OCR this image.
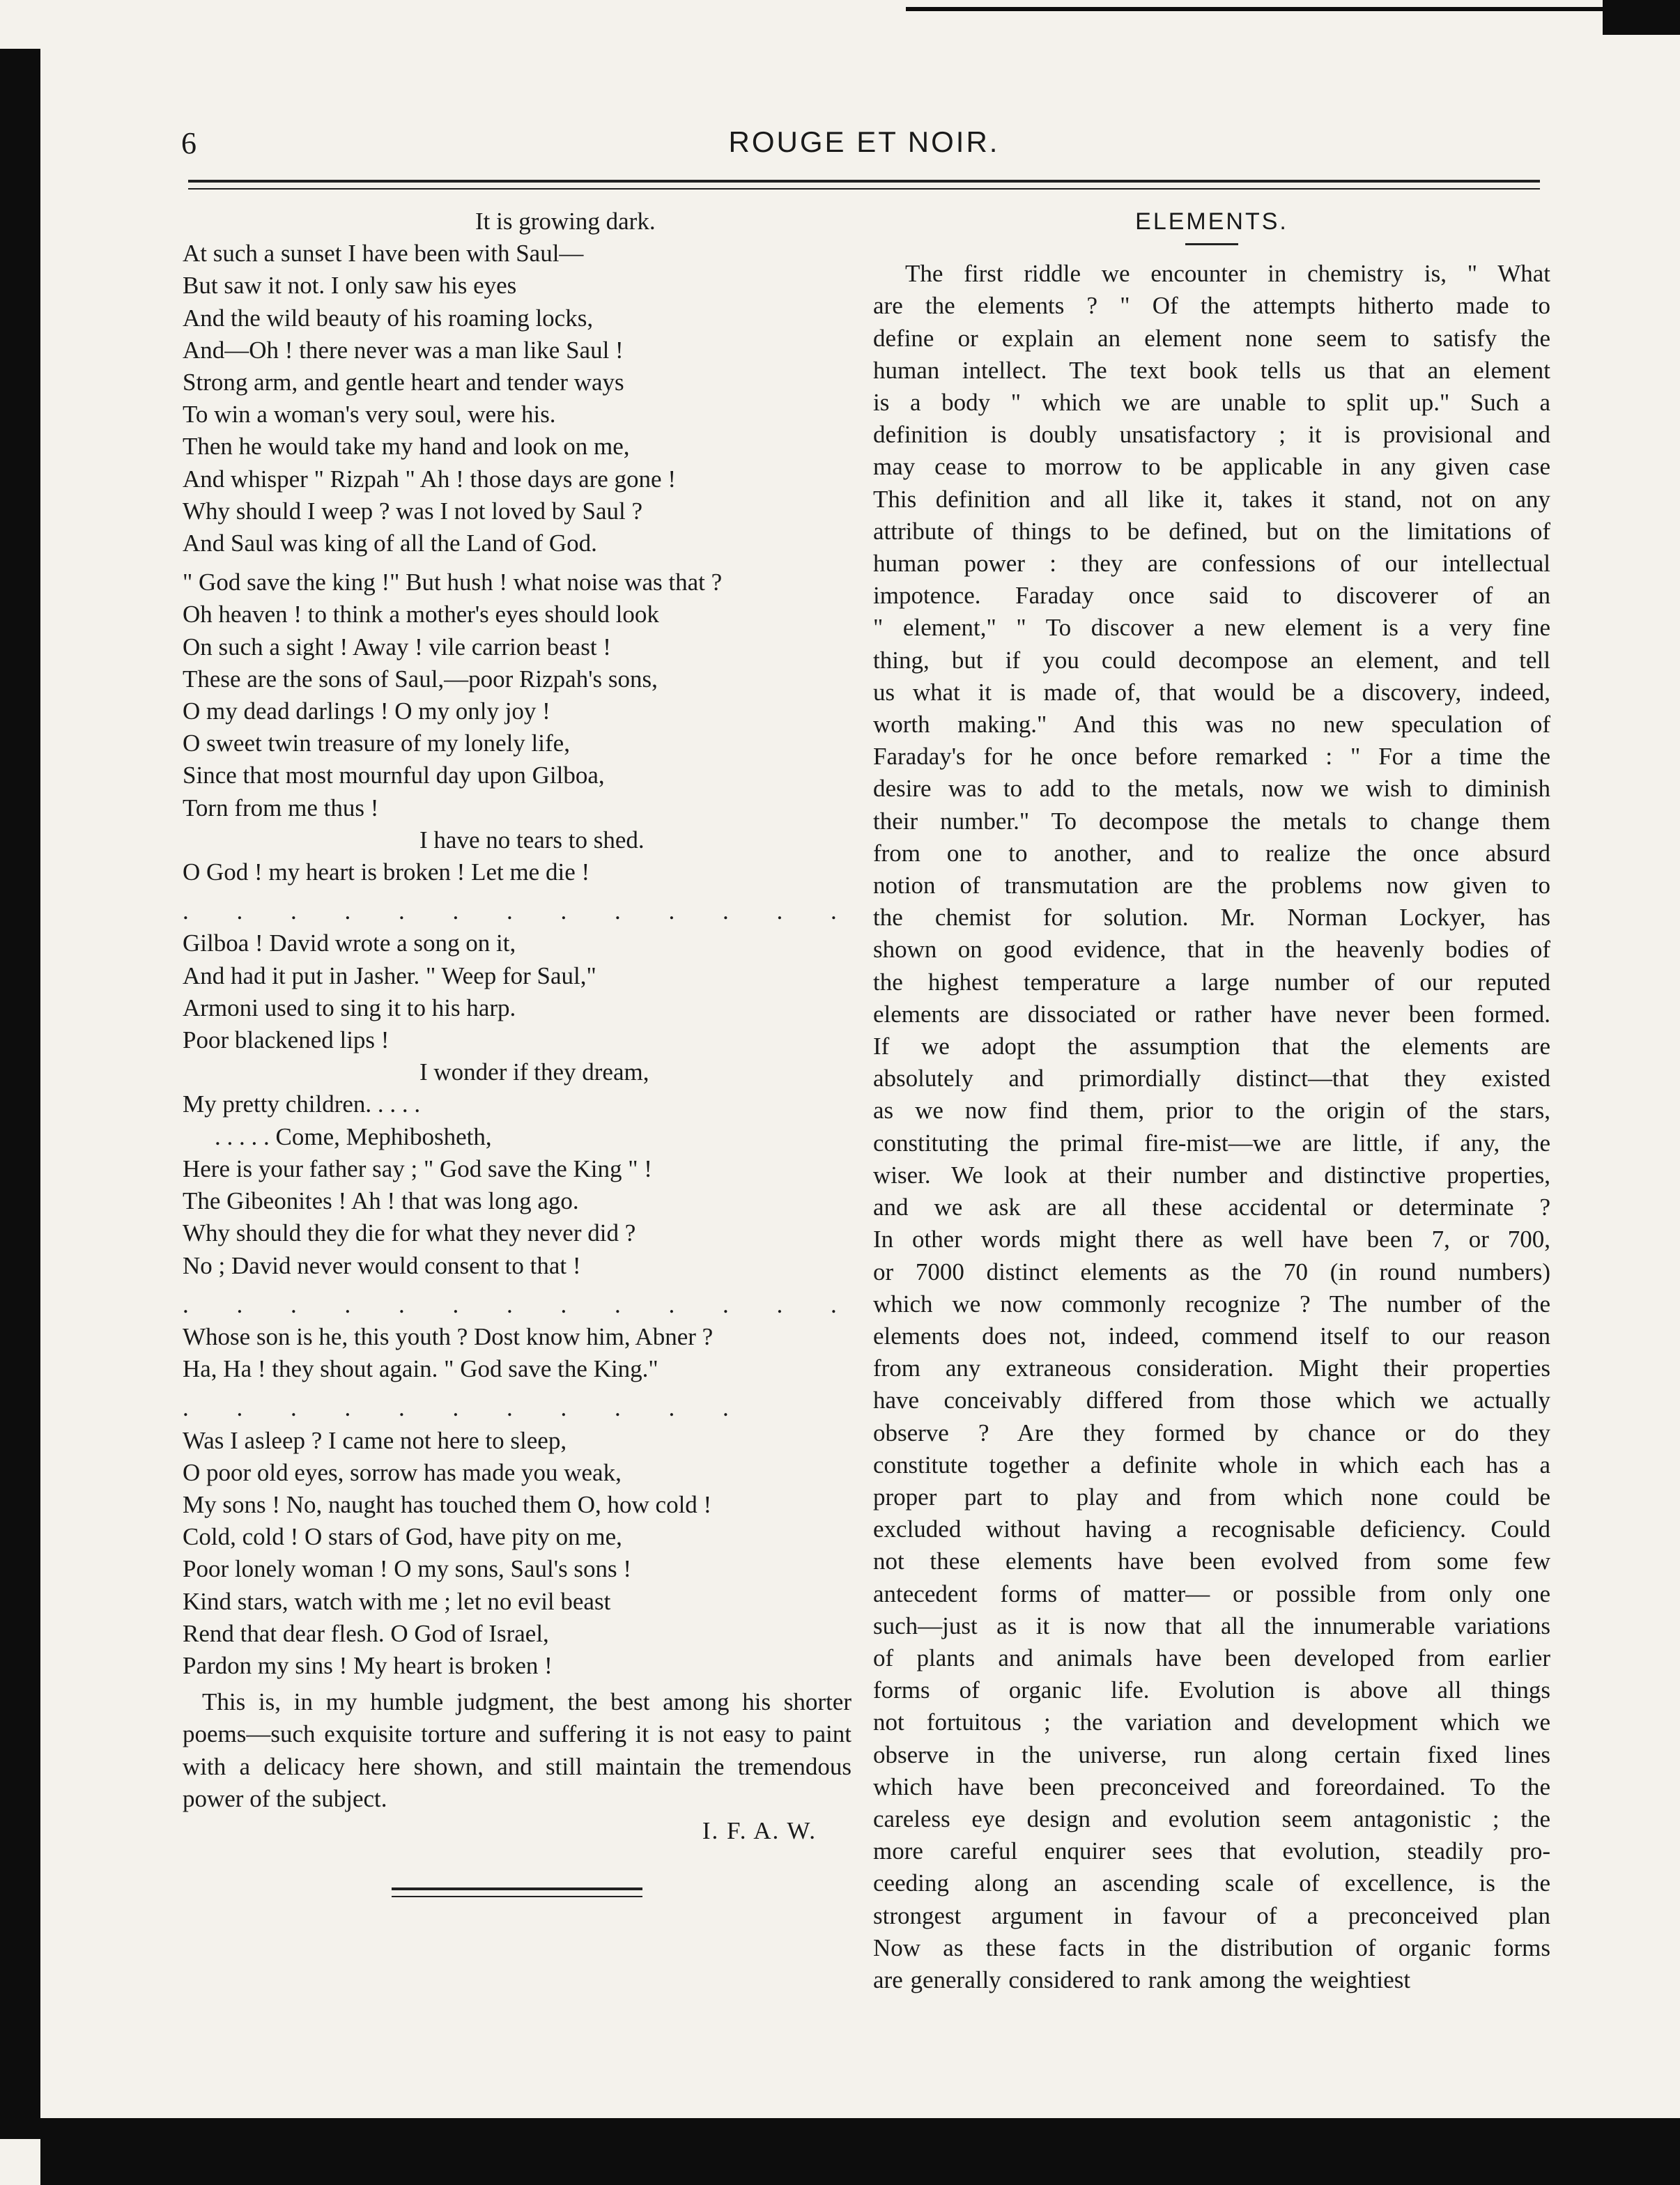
6	ROUGE ET NOIR.
It is growing dark.
At such a sunset I have been with Saul—
But saw it not. I only saw his eyes
And the wild beauty of his roaming locks,
And—Oh ! there never was a man like Saul !
Strong arm, and gentle heart and tender ways
To win a woman's very soul, were his.
Then he would take my hand and look on me,
And whisper " Rizpah " Ah ! those days are gone !
Why should I weep ? was I not loved by Saul ?
And Saul was king of all the Land of God.
" God save the king !" But hush ! what noise was that ?
Oh heaven ! to think a mother's eyes should look
On such a sight ! Away ! vile carrion beast !
These are the sons of Saul,—poor Rizpah's sons,
O my dead darlings ! O my only joy !
O sweet twin treasure of my lonely life,
Since that most mournful day upon Gilboa,
Torn from me thus !
I have no tears to shed.
O God ! my heart is broken ! Let me die !
. . . . . . . . . . . . .
Gilboa ! David wrote a song on it,
And had it put in Jasher. " Weep for Saul,"
Armoni used to sing it to his harp.
Poor blackened lips !
I wonder if they dream,
My pretty children. . . . .
. . . . . Come, Mephibosheth,
Here is your father say ; " God save the King " !
The Gibeonites ! Ah ! that was long ago.
Why should they die for what they never did ?
No ; David never would consent to that !
. . . . . . . . . . . . .
Whose son is he, this youth ? Dost know him, Abner ?
Ha, Ha ! they shout again. " God save the King."
. . . . . . . . . . .
Was I asleep ? I came not here to sleep,
O poor old eyes, sorrow has made you weak,
My sons ! No, naught has touched them O, how cold !
Cold, cold ! O stars of God, have pity on me,
Poor lonely woman ! O my sons, Saul's sons !
Kind stars, watch with me ; let no evil beast
Rend that dear flesh. O God of Israel,
Pardon my sins ! My heart is broken !
This is, in my humble judgment, the best among his shorter poems—such exquisite torture and suffering it is not easy to paint with a delicacy here shown, and still maintain the tremendous power of the subject.
I. F. A. W.
ELEMENTS.
The first riddle we encounter in chemistry is, " What
are the elements ? " Of the attempts hitherto made to
define or explain an element none seem to satisfy the
human intellect. The text book tells us that an element
is a body " which we are unable to split up." Such a
definition is doubly unsatisfactory ; it is provisional and
may cease to morrow to be applicable in any given case
This definition and all like it, takes it stand, not on any
attribute of things to be defined, but on the limitations of
human power : they are confessions of our intellectual
impotence. Faraday once said to discoverer of an
" element," " To discover a new element is a very fine
thing, but if you could decompose an element, and tell
us what it is made of, that would be a discovery, indeed,
worth making." And this was no new speculation of
Faraday's for he once before remarked : " For a time the
desire was to add to the metals, now we wish to diminish
their number." To decompose the metals to change them
from one to another, and to realize the once absurd
notion of transmutation are the problems now given to
the chemist for solution. Mr. Norman Lockyer, has
shown on good evidence, that in the heavenly bodies of
the highest temperature a large number of our reputed
elements are dissociated or rather have never been formed.
If we adopt the assumption that the elements are
absolutely and primordially distinct—that they existed
as we now find them, prior to the origin of the stars,
constituting the primal fire-mist—we are little, if any, the
wiser. We look at their number and distinctive properties,
and we ask are all these accidental or determinate ?
In other words might there as well have been 7, or 700,
or 7000 distinct elements as the 70 (in round numbers)
which we now commonly recognize ? The number of the
elements does not, indeed, commend itself to our reason
from any extraneous consideration. Might their properties
have conceivably differed from those which we actually
observe ? Are they formed by chance or do they
constitute together a definite whole in which each has a
proper part to play and from which none could be
excluded without having a recognisable deficiency. Could
not these elements have been evolved from some few
antecedent forms of matter— or possible from only one
such—just as it is now that all the innumerable variations
of plants and animals have been developed from earlier
forms of organic life. Evolution is above all things
not fortuitous ; the variation and development which we
observe in the universe, run along certain fixed lines
which have been preconceived and foreordained. To the
careless eye design and evolution seem antagonistic ; the
more careful enquirer sees that evolution, steadily pro-
ceeding along an ascending scale of excellence, is the
strongest argument in favour of a preconceived plan
Now as these facts in the distribution of organic forms
are generally considered to rank among the weightiest
